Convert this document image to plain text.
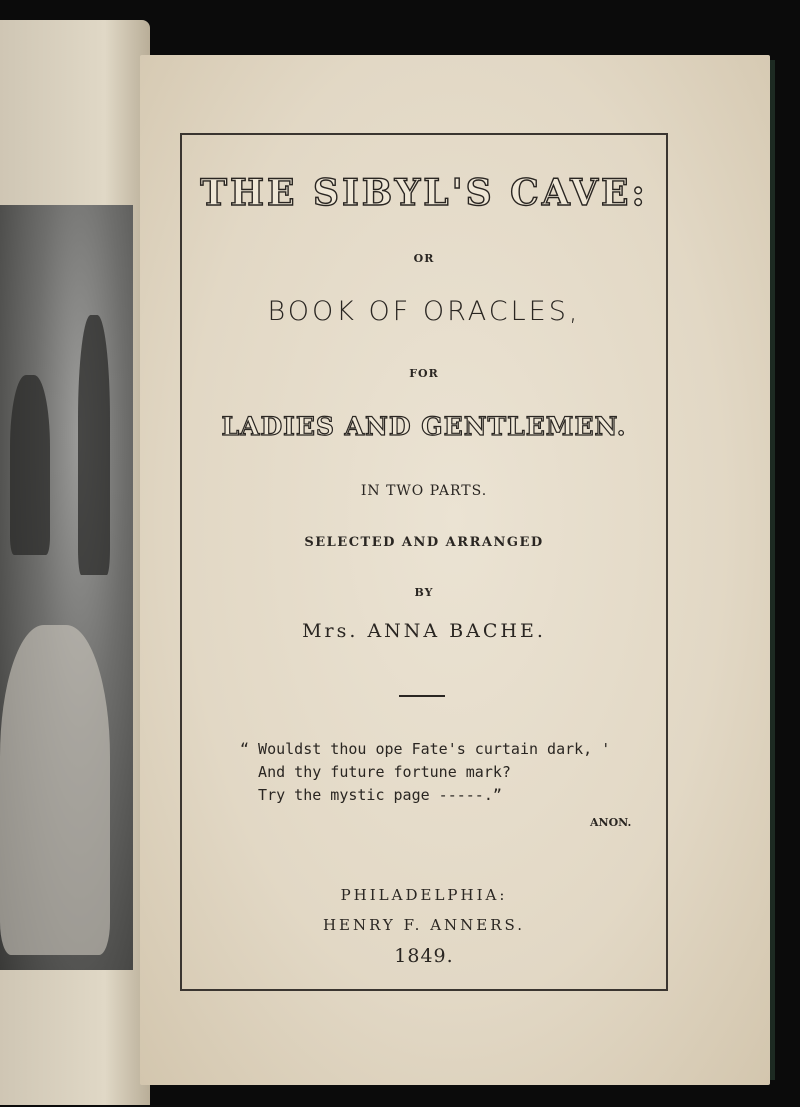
THE SIBYL'S CAVE:
OR
BOOK OF ORACLES,
FOR
LADIES AND GENTLEMEN.
IN TWO PARTS.
SELECTED AND ARRANGED
BY
Mrs. ANNA BACHE.
“ Wouldst thou ope Fate's curtain dark, '
And thy future fortune mark?
Try the mystic page -----.”
ANON.
PHILADELPHIA:
HENRY F. ANNERS.
1849.
